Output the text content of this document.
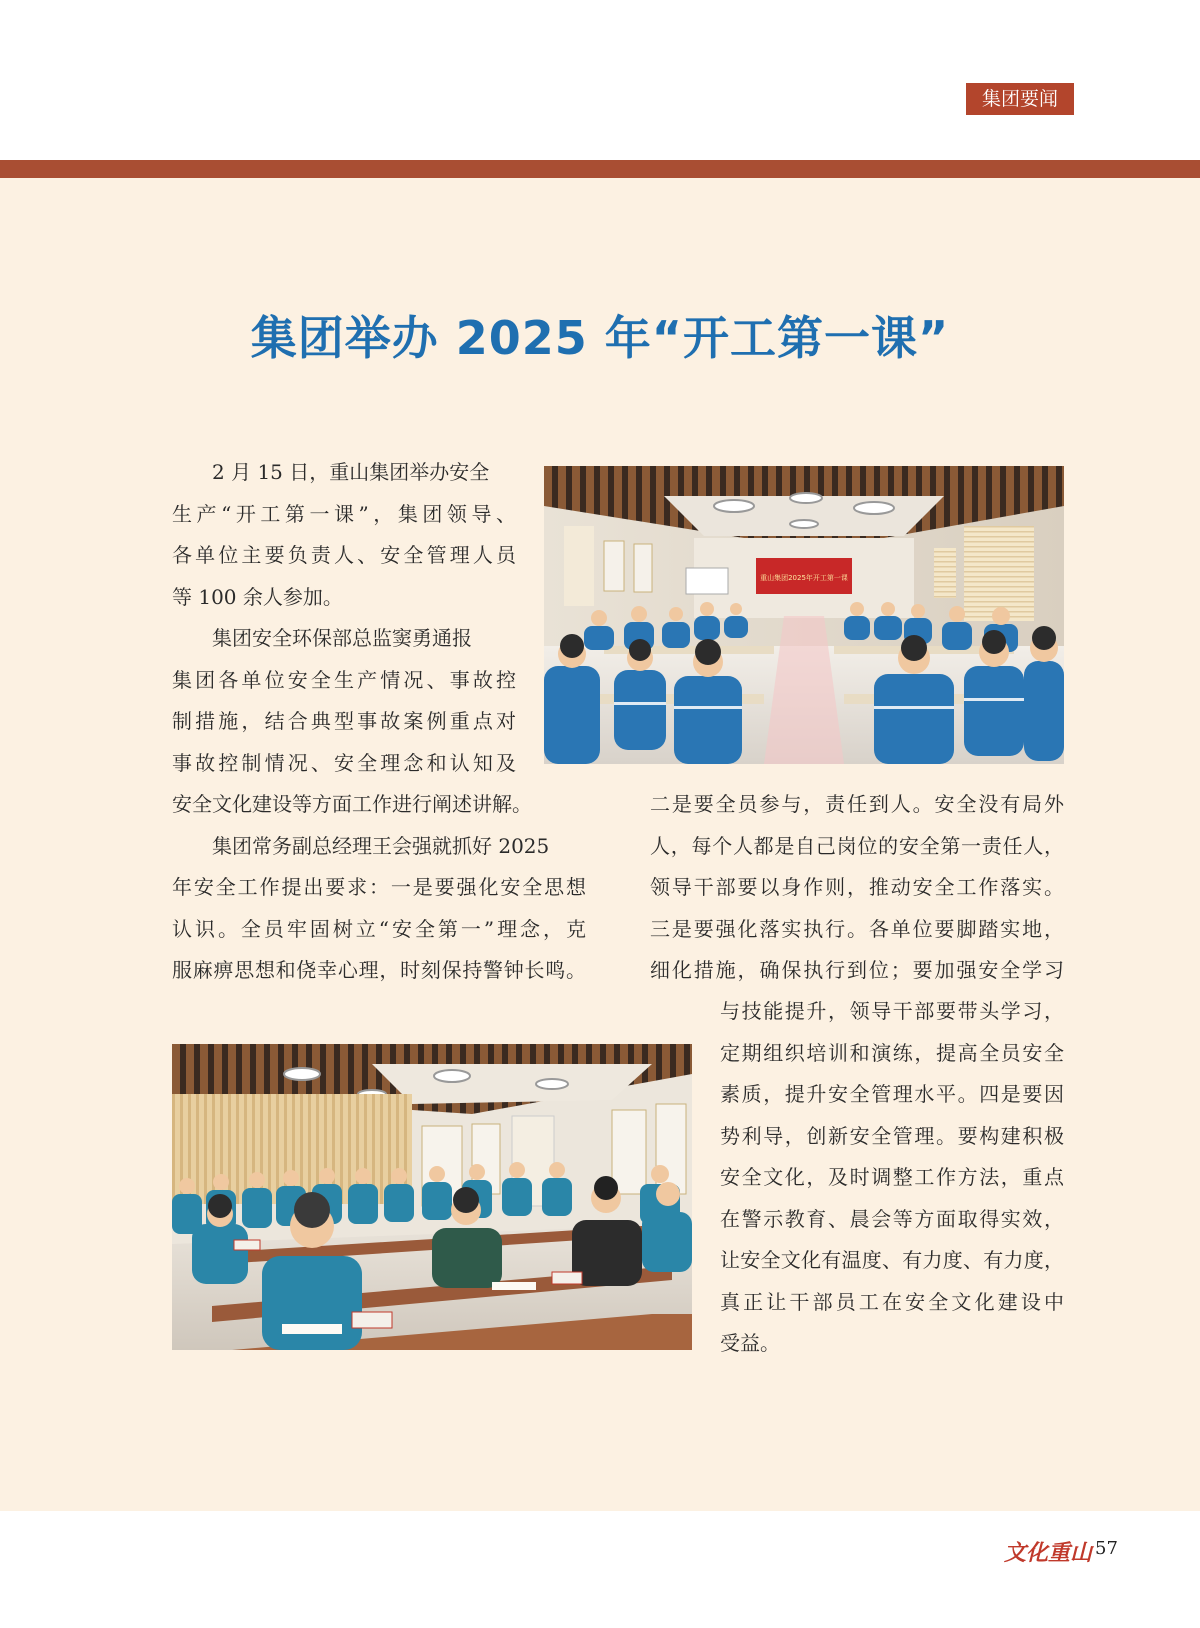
集团要闻
集团举办 2025 年“开工第一课”

2 月 15 日，重山集团举办安全

生产“开工第一课”，集团领导、

各单位主要负责人、安全管理人员

等 100 余人参加。

集团安全环保部总监窦勇通报

集团各单位安全生产情况、事故控

制措施，结合典型事故案例重点对

事故控制情况、安全理念和认知及

安全文化建设等方面工作进行阐述讲解。

集团常务副总经理王会强就抓好 2025

年安全工作提出要求：一是要强化安全思想

认识。全员牢固树立“安全第一”理念，克

服麻痹思想和侥幸心理，时刻保持警钟长鸣。

二是要全员参与，责任到人。安全没有局外

人，每个人都是自己岗位的安全第一责任人，

领导干部要以身作则，推动安全工作落实。

三是要强化落实执行。各单位要脚踏实地，

细化措施，确保执行到位；要加强安全学习

与技能提升，领导干部要带头学习，

定期组织培训和演练，提高全员安全

素质，提升安全管理水平。四是要因

势利导，创新安全管理。要构建积极

安全文化，及时调整工作方法，重点

在警示教育、晨会等方面取得实效，

让安全文化有温度、有力度、有力度，

真正让干部员工在安全文化建设中

受益。

重山集团2025年开工第一课
文化重山 57
